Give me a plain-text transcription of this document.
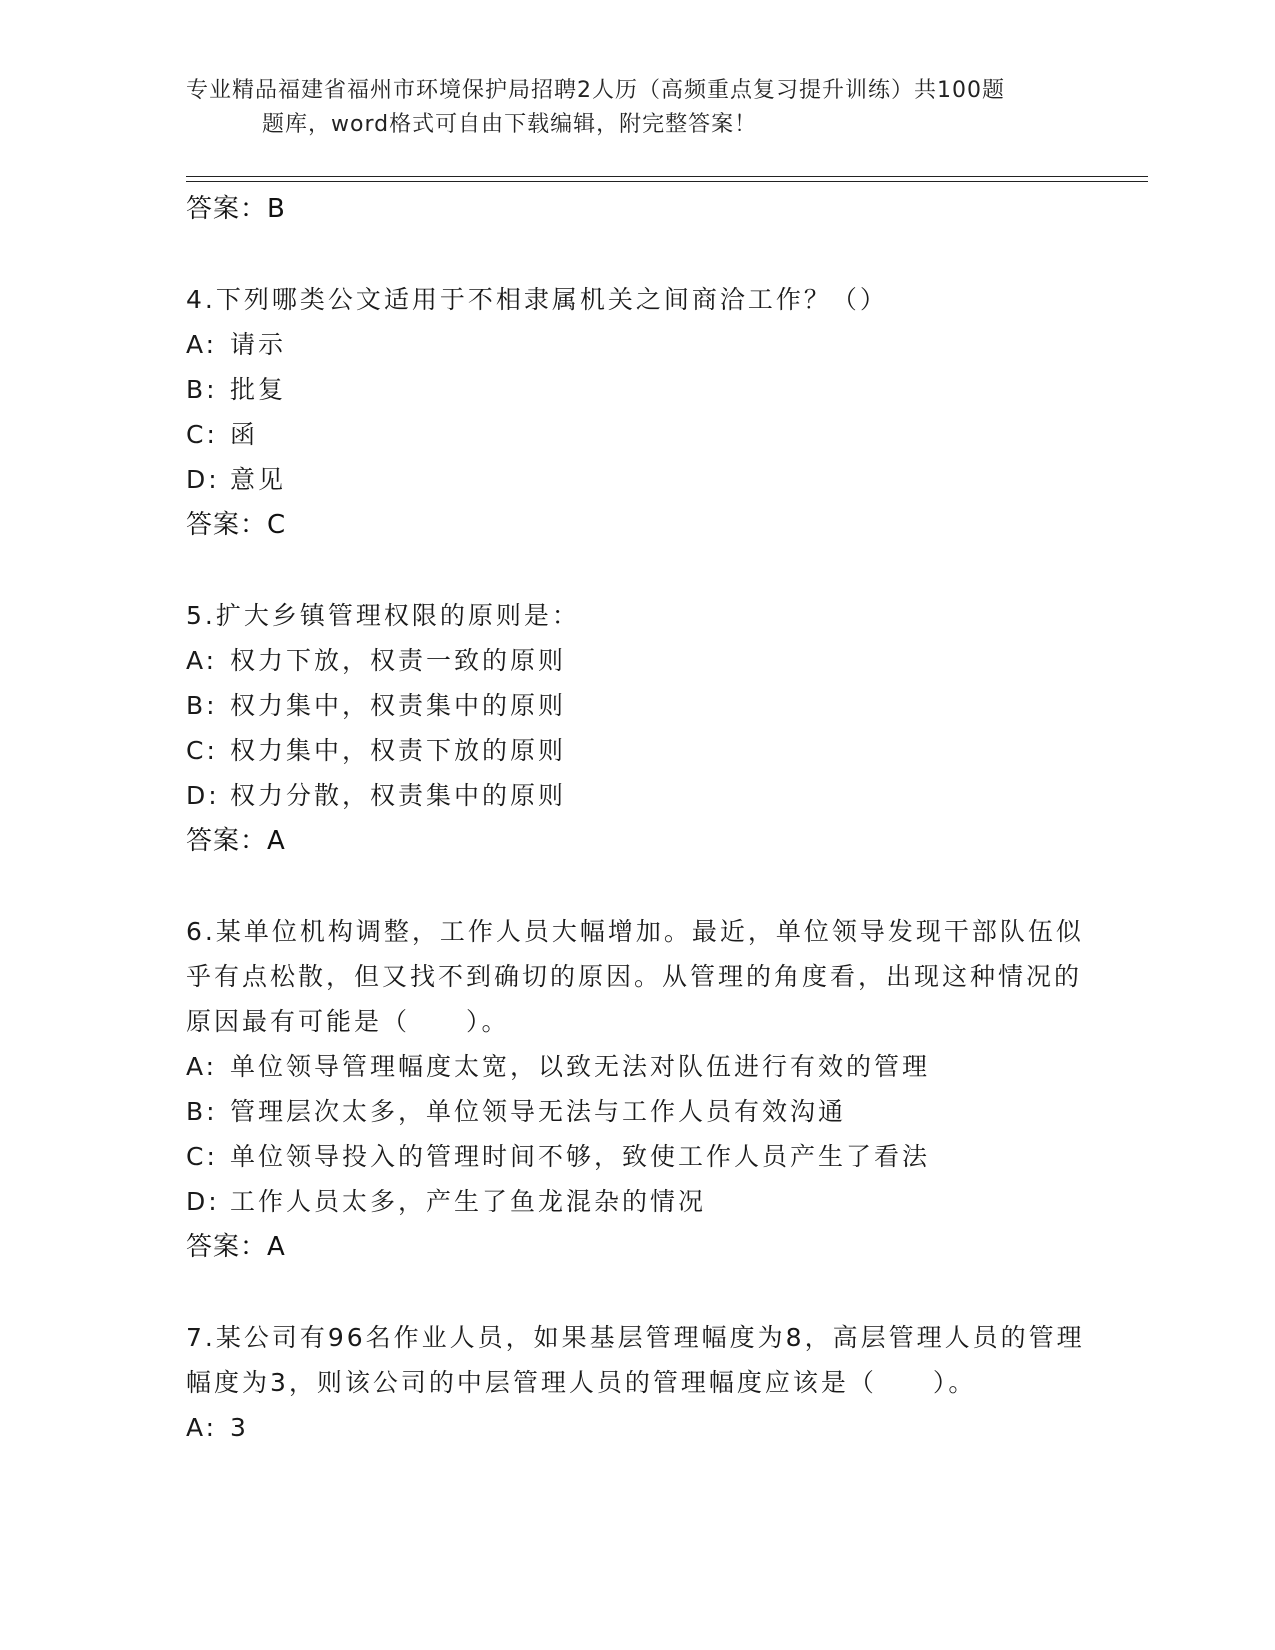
专业精品福建省福州市环境保护局招聘2人历（高频重点复习提升训练）共100题
题库，word格式可自由下载编辑，附完整答案！

答案：B

4.下列哪类公文适用于不相隶属机关之间商洽工作？（）

A: 请示

B: 批复

C: 函

D: 意见

答案：C

5.扩大乡镇管理权限的原则是：

A: 权力下放，权责一致的原则

B: 权力集中，权责集中的原则

C: 权力集中，权责下放的原则

D: 权力分散，权责集中的原则

答案：A

6.某单位机构调整，工作人员大幅增加。最近，单位领导发现干部队伍似乎有点松散，但又找不到确切的原因。从管理的角度看，出现这种情况的原因最有可能是（　　）。

A: 单位领导管理幅度太宽，以致无法对队伍进行有效的管理

B: 管理层次太多，单位领导无法与工作人员有效沟通

C: 单位领导投入的管理时间不够，致使工作人员产生了看法

D: 工作人员太多，产生了鱼龙混杂的情况

答案：A

7.某公司有96名作业人员，如果基层管理幅度为8，高层管理人员的管理幅度为3，则该公司的中层管理人员的管理幅度应该是（　　）。

A: 3
